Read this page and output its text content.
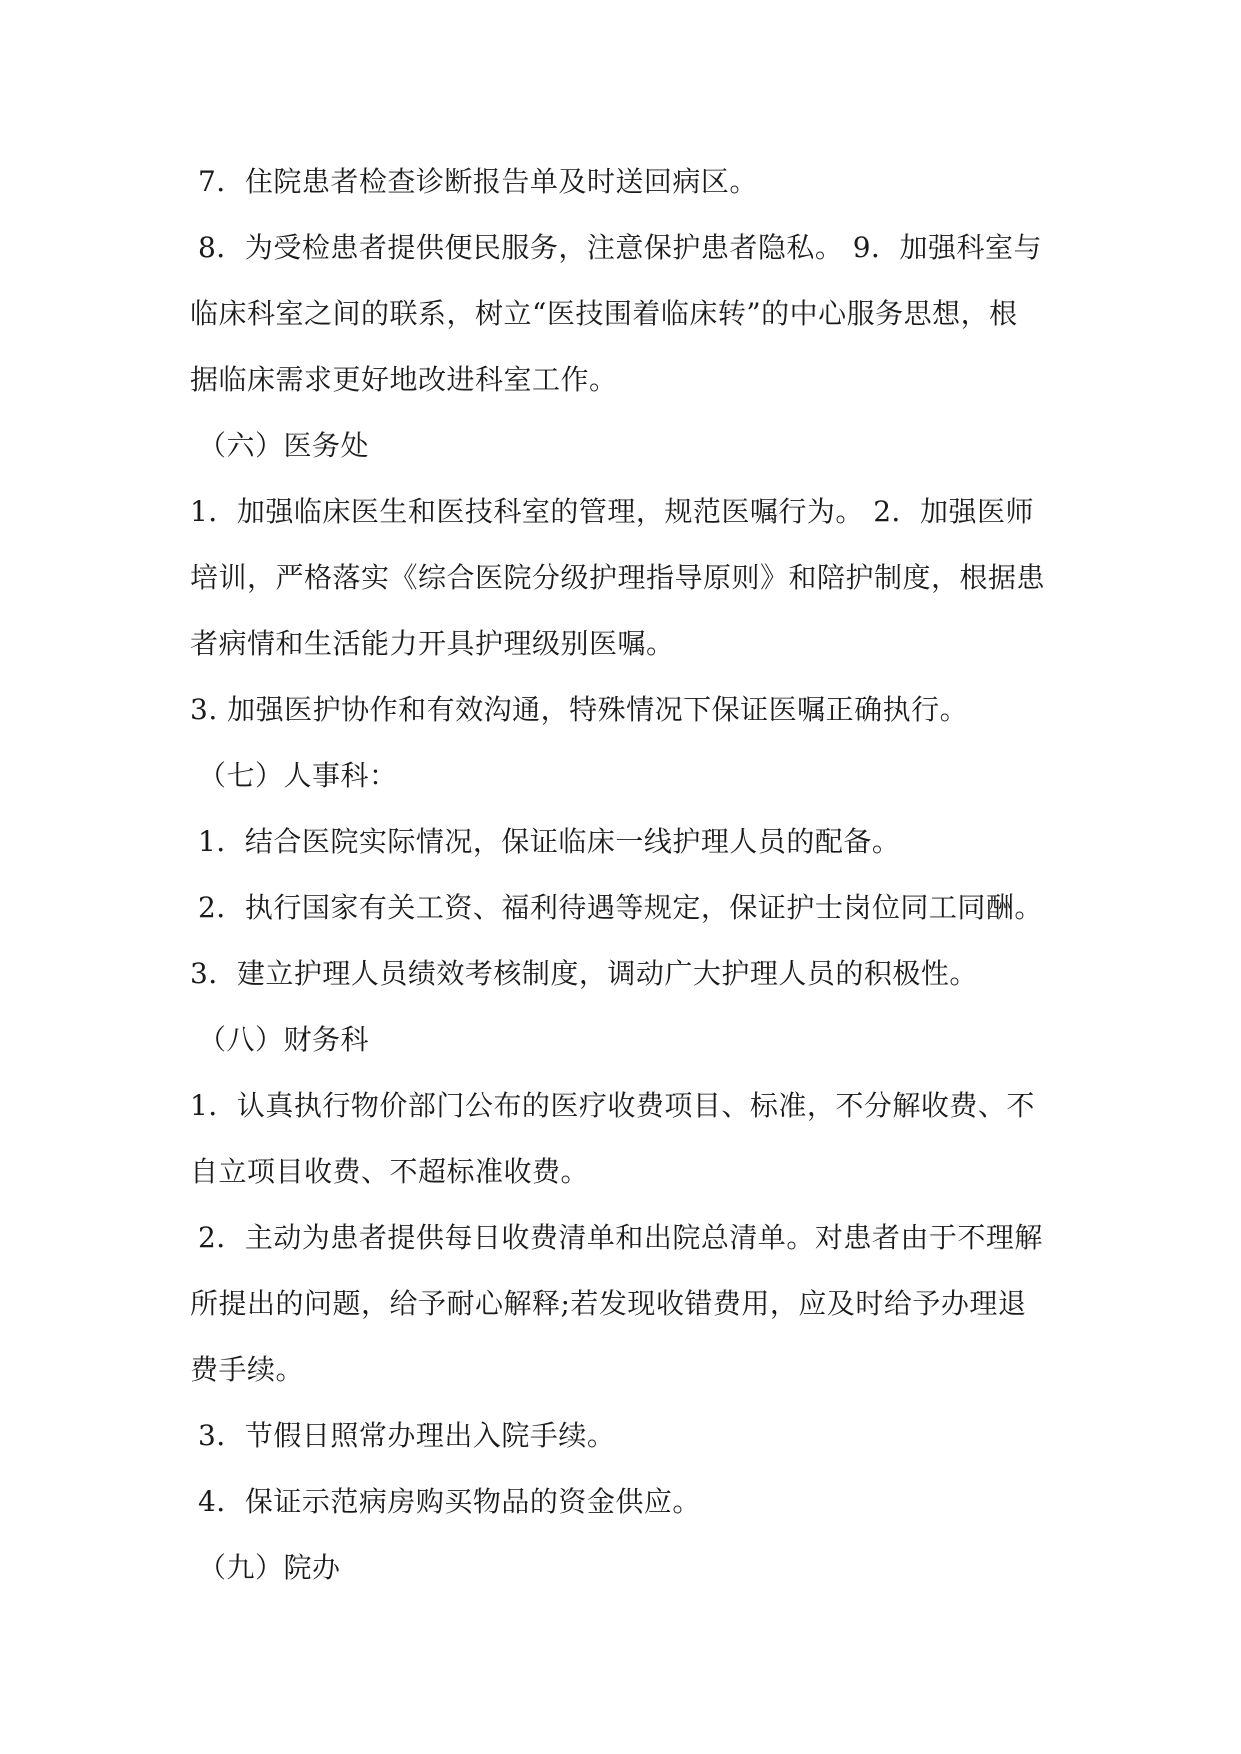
7．住院患者检查诊断报告单及时送回病区。
8．为受检患者提供便民服务，注意保护患者隐私。 9．加强科室与
临床科室之间的联系，树立“医技围着临床转”的中心服务思想，根
据临床需求更好地改进科室工作。
（六）医务处
1．加强临床医生和医技科室的管理，规范医嘱行为。 2．加强医师
培训，严格落实《综合医院分级护理指导原则》和陪护制度，根据患
者病情和生活能力开具护理级别医嘱。
3. 加强医护协作和有效沟通，特殊情况下保证医嘱正确执行。
（七）人事科：
1．结合医院实际情况，保证临床一线护理人员的配备。
2．执行国家有关工资、福利待遇等规定，保证护士岗位同工同酬。
3．建立护理人员绩效考核制度，调动广大护理人员的积极性。
（八）财务科
1．认真执行物价部门公布的医疗收费项目、标准，不分解收费、不
自立项目收费、不超标准收费。
2．主动为患者提供每日收费清单和出院总清单。对患者由于不理解
所提出的问题，给予耐心解释;若发现收错费用，应及时给予办理退
费手续。
3．节假日照常办理出入院手续。
4．保证示范病房购买物品的资金供应。
（九）院办
